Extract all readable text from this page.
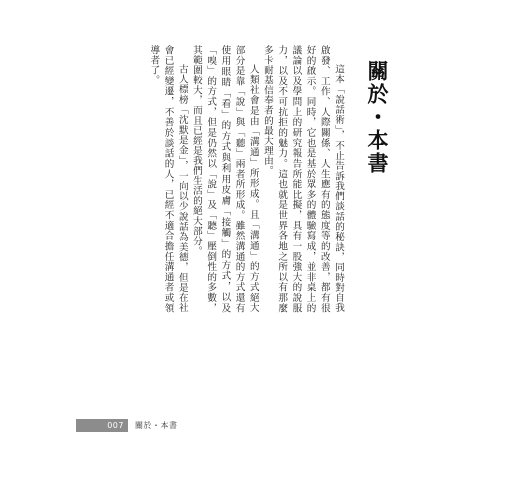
關於・本書

這本「說話術」，不止告訴我們談話的秘訣，同時對自我啟發、工作、人際關係、人生應有的態度等的改善，都有很好的啟示。同時，它也是基於眾多的體驗寫成，並非桌上的議論以及學問上的研究報告所能比擬，具有一股強大的說服力，以及不可抗拒的魅力。這也就是世界各地之所以有那麼多卡耐基信奉者的最大理由。

人類社會是由「溝通」所形成。且「溝通」的方式絕大部分是靠「說」與「聽」兩者所形成。雖然溝通的方式還有使用眼睛「看」的方式與利用皮膚「接觸」的方式，以及「嗅」的方式，但是仍然以「說」及「聽」壓倒性的多數，其範圍較大，而且已經是我們生活的絕大部分。

古人標榜「沈默是金」，一向以少說話為美德，但是在社會已經變遷，不善於談話的人，已經不適合擔任溝通者或領導者了。

007 關於・本書
